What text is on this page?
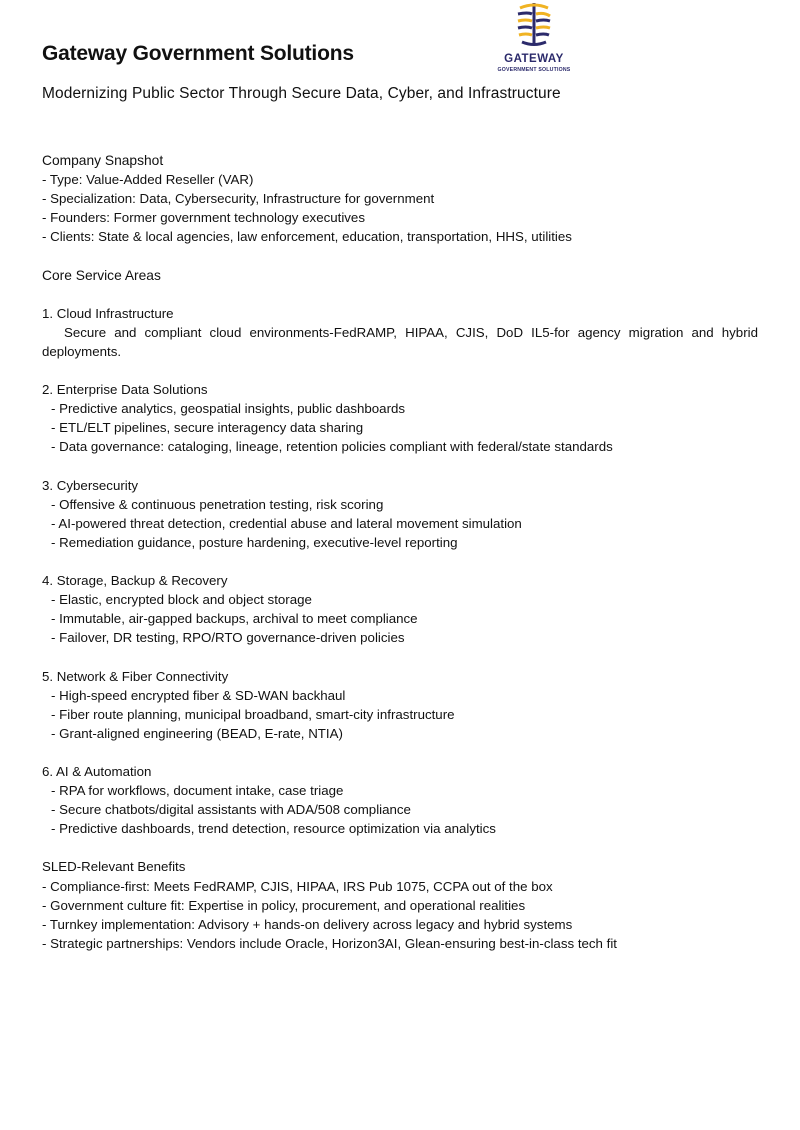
Gateway Government Solutions
Modernizing Public Sector Through Secure Data, Cyber, and Infrastructure
GATEWAY
GOVERNMENT SOLUTIONS
Company Snapshot
- Type: Value-Added Reseller (VAR)
- Specialization: Data, Cybersecurity, Infrastructure for government
- Founders: Former government technology executives
- Clients: State & local agencies, law enforcement, education, transportation, HHS, utilities
Core Service Areas
1. Cloud Infrastructure
Secure and compliant cloud environments-FedRAMP, HIPAA, CJIS, DoD IL5-for agency migration and hybrid deployments.
2. Enterprise Data Solutions
- Predictive analytics, geospatial insights, public dashboards
- ETL/ELT pipelines, secure interagency data sharing
- Data governance: cataloging, lineage, retention policies compliant with federal/state standards
3. Cybersecurity
- Offensive & continuous penetration testing, risk scoring
- AI-powered threat detection, credential abuse and lateral movement simulation
- Remediation guidance, posture hardening, executive-level reporting
4. Storage, Backup & Recovery
- Elastic, encrypted block and object storage
- Immutable, air-gapped backups, archival to meet compliance
- Failover, DR testing, RPO/RTO governance-driven policies
5. Network & Fiber Connectivity
- High-speed encrypted fiber & SD-WAN backhaul
- Fiber route planning, municipal broadband, smart-city infrastructure
- Grant-aligned engineering (BEAD, E-rate, NTIA)
6. AI & Automation
- RPA for workflows, document intake, case triage
- Secure chatbots/digital assistants with ADA/508 compliance
- Predictive dashboards, trend detection, resource optimization via analytics
SLED-Relevant Benefits
- Compliance-first: Meets FedRAMP, CJIS, HIPAA, IRS Pub 1075, CCPA out of the box
- Government culture fit: Expertise in policy, procurement, and operational realities
- Turnkey implementation: Advisory + hands-on delivery across legacy and hybrid systems
- Strategic partnerships: Vendors include Oracle, Horizon3AI, Glean-ensuring best-in-class tech fit
